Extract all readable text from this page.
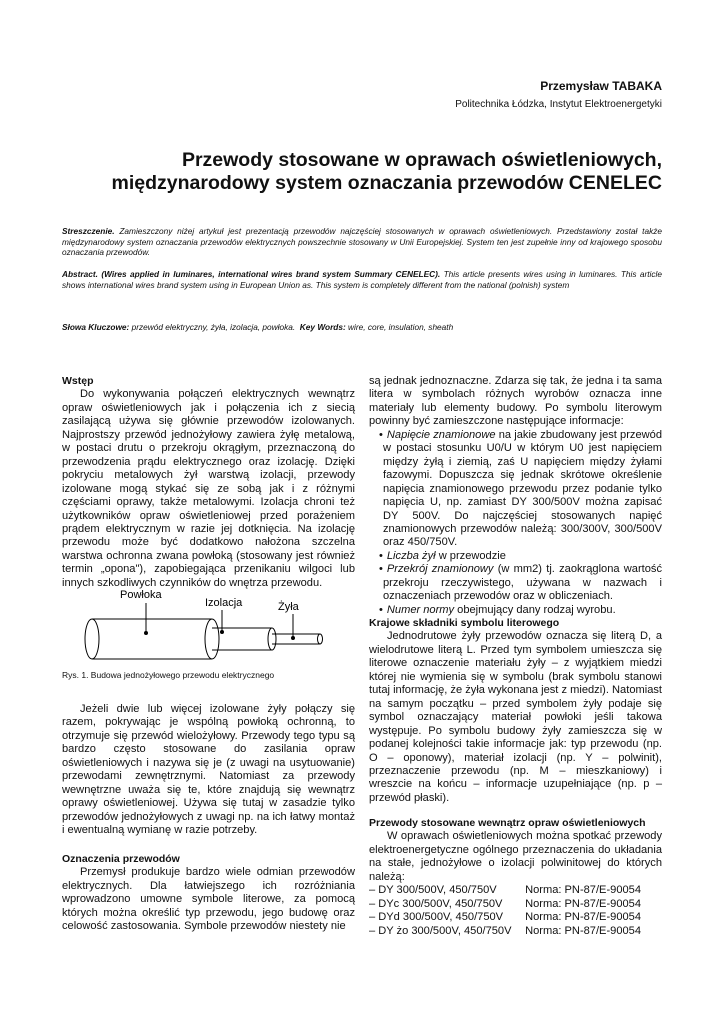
Przemysław TABAKA
Politechnika Łódzka, Instytut Elektroenergetyki
Przewody stosowane w oprawach oświetleniowych,
międzynarodowy system oznaczania przewodów CENELEC
Streszczenie. Zamieszczony niżej artykuł jest prezentacją przewodów najczęściej stosowanych w oprawach oświetleniowych. Przedstawiony został także międzynarodowy system oznaczania przewodów elektrycznych powszechnie stosowany w Unii Europejskiej. System ten jest zupełnie inny od krajowego sposobu oznaczania przewodów.
Abstract. (Wires applied in luminares, international wires brand system Summary CENELEC). This article presents wires using in luminares. This article shows international wires brand system using in European Union as. This system is completely different from the national (polnish) system
Słowa Kluczowe: przewód elektryczny, żyła, izolacja, powłoka. Key Words: wire, core, insulation, sheath

Wstęp

Do wykonywania połączeń elektrycznych wewnątrz opraw oświetleniowych jak i połączenia ich z siecią zasilającą używa się głównie przewodów izolowanych. Najprostszy przewód jednożyłowy zawiera żyłę metalową, w postaci drutu o przekroju okrągłym, przeznaczoną do przewodzenia prądu elektrycznego oraz izolację. Dzięki pokryciu metalowych żył warstwą izolacji, przewody izolowane mogą stykać się ze sobą jak i z różnymi częściami oprawy, także metalowymi. Izolacja chroni też użytkowników opraw oświetleniowej przed porażeniem prądem elektrycznym w razie jej dotknięcia. Na izolację przewodu może być dodatkowo nałożona szczelna warstwa ochronna zwana powłoką (stosowany jest również termin „opona"), zapobiegająca przenikaniu wilgoci lub innych szkodliwych czynników do wnętrza przewodu.

Powłoka
Izolacja	Żyła
Rys. 1. Budowa jednożyłowego przewodu elektrycznego

Jeżeli dwie lub więcej izolowane żyły połączy się razem, pokrywając je wspólną powłoką ochronną, to otrzymuje się przewód wielożyłowy. Przewody tego typu są bardzo często stosowane do zasilania opraw oświetleniowych i nazywa się je (z uwagi na usytuowanie) przewodami zewnętrznymi. Natomiast za przewody wewnętrzne uważa się te, które znajdują się wewnątrz oprawy oświetleniowej. Używa się tutaj w zasadzie tylko przewodów jednożyłowych z uwagi np. na ich łatwy montaż i ewentualną wymianę w razie potrzeby.

Oznaczenia przewodów

Przemysł produkuje bardzo wiele odmian przewodów elektrycznych. Dla łatwiejszego ich rozróżniania wprowadzono umowne symbole literowe, za pomocą których można określić typ przewodu, jego budowę oraz celowość zastosowania. Symbole przewodów niestety nie

są jednak jednoznaczne. Zdarza się tak, że jedna i ta sama litera w symbolach różnych wyrobów oznacza inne materiały lub elementy budowy. Po symbolu literowym powinny być zamieszczone następujące informacje:

• Napięcie znamionowe na jakie zbudowany jest przewód w postaci stosunku U0/U w którym U0 jest napięciem między żyłą i ziemią, zaś U napięciem między żyłami fazowymi. Dopuszcza się jednak skrótowe określenie napięcia znamionowego przewodu przez podanie tylko napięcia U, np. zamiast DY 300/500V można zapisać DY 500V. Do najczęściej stosowanych napięć znamionowych przewodów należą: 300/300V, 300/500V oraz 450/750V.

• Liczba żył w przewodzie

• Przekrój znamionowy (w mm2) tj. zaokrąglona wartość przekroju rzeczywistego, używana w nazwach i oznaczeniach przewodów oraz w obliczeniach.

• Numer normy obejmujący dany rodzaj wyrobu.

Krajowe składniki symbolu literowego

Jednodrutowe żyły przewodów oznacza się literą D, a wielodrutowe literą L. Przed tym symbolem umieszcza się literowe oznaczenie materiału żyły – z wyjątkiem miedzi której nie wymienia się w symbolu (brak symbolu stanowi tutaj informację, że żyła wykonana jest z miedzi). Natomiast na samym początku – przed symbolem żyły podaje się symbol oznaczający materiał powłoki jeśli takowa występuje. Po symbolu budowy żyły zamieszcza się w podanej kolejności takie informacje jak: typ przewodu (np. O – oponowy), materiał izolacji (np. Y – polwinit), przeznaczenie przewodu (np. M – mieszkaniowy) i wreszcie na końcu – informacje uzupełniające (np. p – przewód płaski).

Przewody stosowane wewnątrz opraw oświetleniowych

W oprawach oświetleniowych można spotkać przewody elektroenergetyczne ogólnego przeznaczenia do układania na stałe, jednożyłowe o izolacji polwinitowej do których należą:

– DY 300/500V, 450/750V	Norma: PN-87/E-90054
– DYc 300/500V, 450/750V Norma: PN-87/E-90054
– DYd 300/500V, 450/750V Norma: PN-87/E-90054
– DY żo 300/500V, 450/750V Norma: PN-87/E-90054
